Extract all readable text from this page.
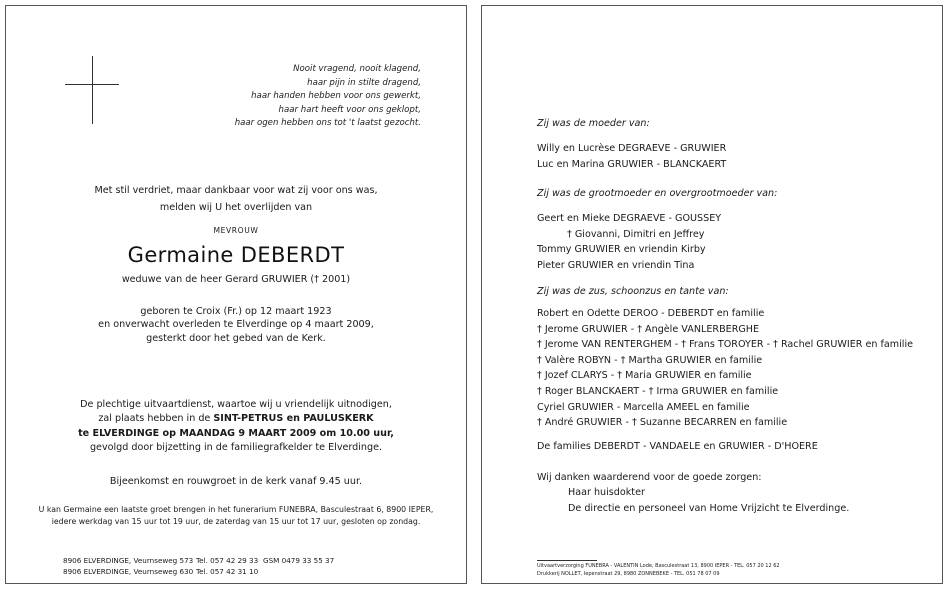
Nooit vragend, nooit klagend,
haar pijn in stilte dragend,
haar handen hebben voor ons gewerkt,
haar hart heeft voor ons geklopt,
haar ogen hebben ons tot 't laatst gezocht.
Met stil verdriet, maar dankbaar voor wat zij voor ons was,
melden wij U het overlijden van
MEVROUW
Germaine DEBERDT
weduwe van de heer Gerard GRUWIER († 2001)
geboren te Croix (Fr.) op 12 maart 1923
en onverwacht overleden te Elverdinge op 4 maart 2009,
gesterkt door het gebed van de Kerk.
De plechtige uitvaartdienst, waartoe wij u vriendelijk uitnodigen,
zal plaats hebben in de SINT-PETRUS en PAULUSKERK
te ELVERDINGE op MAANDAG 9 MAART 2009 om 10.00 uur,
gevolgd door bijzetting in de familiegrafkelder te Elverdinge.
Bijeenkomst en rouwgroet in de kerk vanaf 9.45 uur.
U kan Germaine een laatste groet brengen in het funerarium FUNEBRA, Basculestraat 6, 8900 IEPER,
iedere werkdag van 15 uur tot 19 uur, de zaterdag van 15 uur tot 17 uur, gesloten op zondag.
8906 ELVERDINGE, Veurnseweg 573
8906 ELVERDINGE, Veurnseweg 630
Tel. 057 42 29 33
Tel. 057 42 31 10
GSM 0479 33 55 37
Zij was de moeder van:
Willy en Lucrèse DEGRAEVE - GRUWIER
Luc en Marina GRUWIER - BLANCKAERT
Zij was de grootmoeder en overgrootmoeder van:
Geert en Mieke DEGRAEVE - GOUSSEY
† Giovanni, Dimitri en Jeffrey
Tommy GRUWIER en vriendin Kirby
Pieter GRUWIER en vriendin Tina
Zij was de zus, schoonzus en tante van:
Robert en Odette DEROO - DEBERDT en familie
† Jerome GRUWIER - † Angèle VANLERBERGHE
† Jerome VAN RENTERGHEM - † Frans TOROYER - † Rachel GRUWIER en familie
† Valère ROBYN - † Martha GRUWIER en familie
† Jozef CLARYS - † Maria GRUWIER en familie
† Roger BLANCKAERT - † Irma GRUWIER en familie
Cyriel GRUWIER - Marcella AMEEL en familie
† André GRUWIER - † Suzanne BECARREN en familie
De families DEBERDT - VANDAELE en GRUWIER - D'HOERE
Wij danken waarderend voor de goede zorgen:
Haar huisdokter
De directie en personeel van Home Vrijzicht te Elverdinge.
Uitvaartverzorging FUNEBRA - VALENTIN Lode, Basculestraat 13, 8900 IEPER - TEL. 057 20 12 62
Drukkerij NOLLET, Iepenstraat 29, 8980 ZONNEBEKE - TEL. 051 78 07 09
